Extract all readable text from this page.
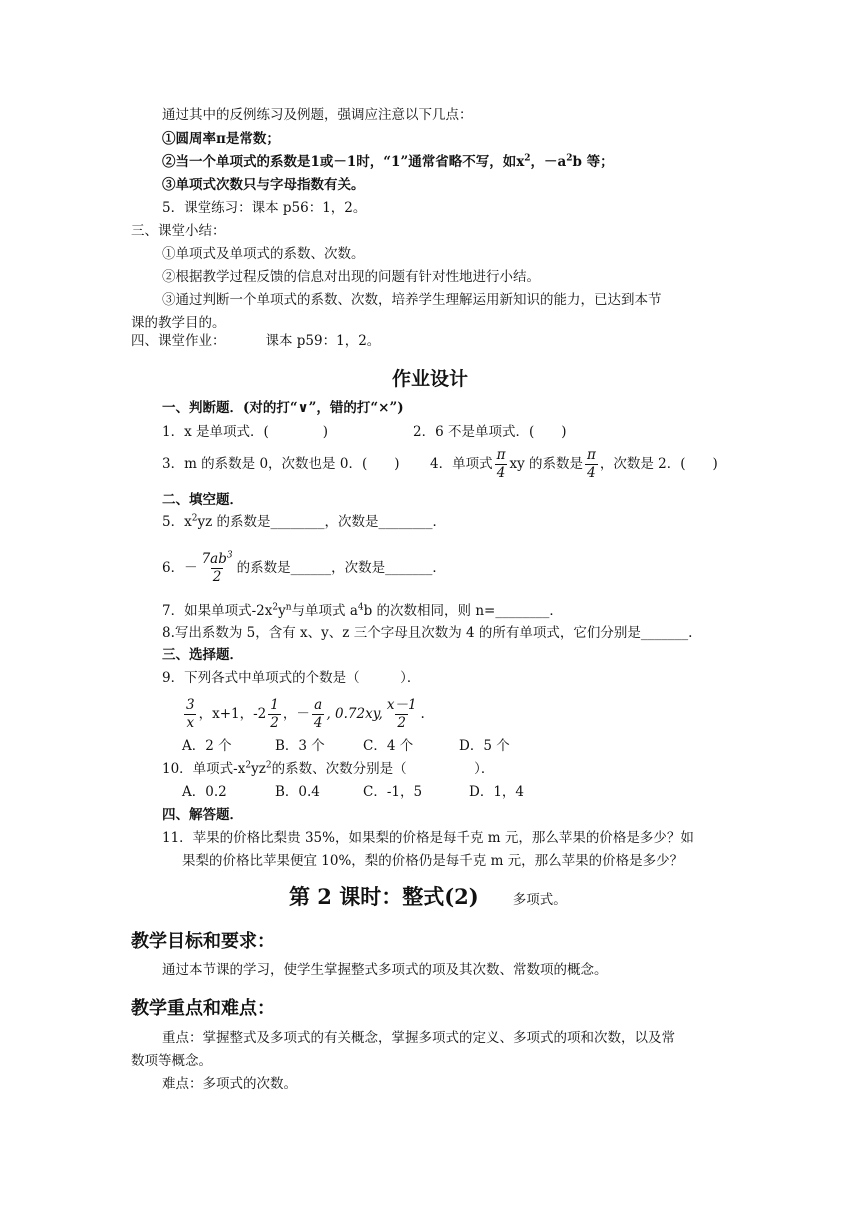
通过其中的反例练习及例题，强调应注意以下几点：
①圆周率π是常数；
②当一个单项式的系数是1或－1时，“1”通常省略不写，如$x^2$，$-a^2b$ 等；
③单项式次数只与字母指数有关。
5．课堂练习：课本 p56：1，2。
三、课堂小结：
①单项式及单项式的系数、次数。
②根据教学过程反馈的信息对出现的问题有针对性地进行小结。
③通过判断一个单项式的系数、次数，培养学生理解运用新知识的能力，已达到本节
课的教学目的。
四、课堂作业：	课本 p59：1，2。
作业设计
一、判断题．(对的打“∨”，错的打“×”)
1．x 是单项式．(　　　　)	2．6 不是单项式．(　　)
3．m 的系数是 0，次数也是 0．(　　) 4．单项式 $\frac{\pi}{4}$ xy 的系数是 $\frac{\pi}{4}$ ，次数是 2．(　　)
二、填空题．
5．$x^2yz$ 的系数是________，次数是________．
6．－ $\frac{7ab^3}{2}$ 的系数是______，次数是_______．
7．如果单项式$-2x^2y^n$与单项式 $a^4b$ 的次数相同，则 n=________．
8.写出系数为 5，含有 x、y、z 三个字母且次数为 4 的所有单项式，它们分别是_______.
三、选择题．
9．下列各式中单项式的个数是（　　　）．
$\frac{3}{x}$ ，x+1，$-2 \frac{1}{2}$ ，－ $\frac{a}{4}$ , 0.72xy, $\frac{x-1}{2}$ .
A．2 个	B．3 个	C．4 个	D．5 个
10．单项式$-x^2yz^2$的系数、次数分别是（　　　　　）．
A．0.2	B．0.4	C．-1，5	D．1，4
四、解答题．
11．苹果的价格比梨贵 35%，如果梨的价格是每千克 m 元，那么苹果的价格是多少？如
果梨的价格比苹果便宜 10%，梨的价格仍是每千克 m 元，那么苹果的价格是多少？
第 2 课时：整式(2)	多项式。
教学目标和要求：
通过本节课的学习，使学生掌握整式多项式的项及其次数、常数项的概念。
教学重点和难点：
重点：掌握整式及多项式的有关概念，掌握多项式的定义、多项式的项和次数，以及常
数项等概念。
难点：多项式的次数。
